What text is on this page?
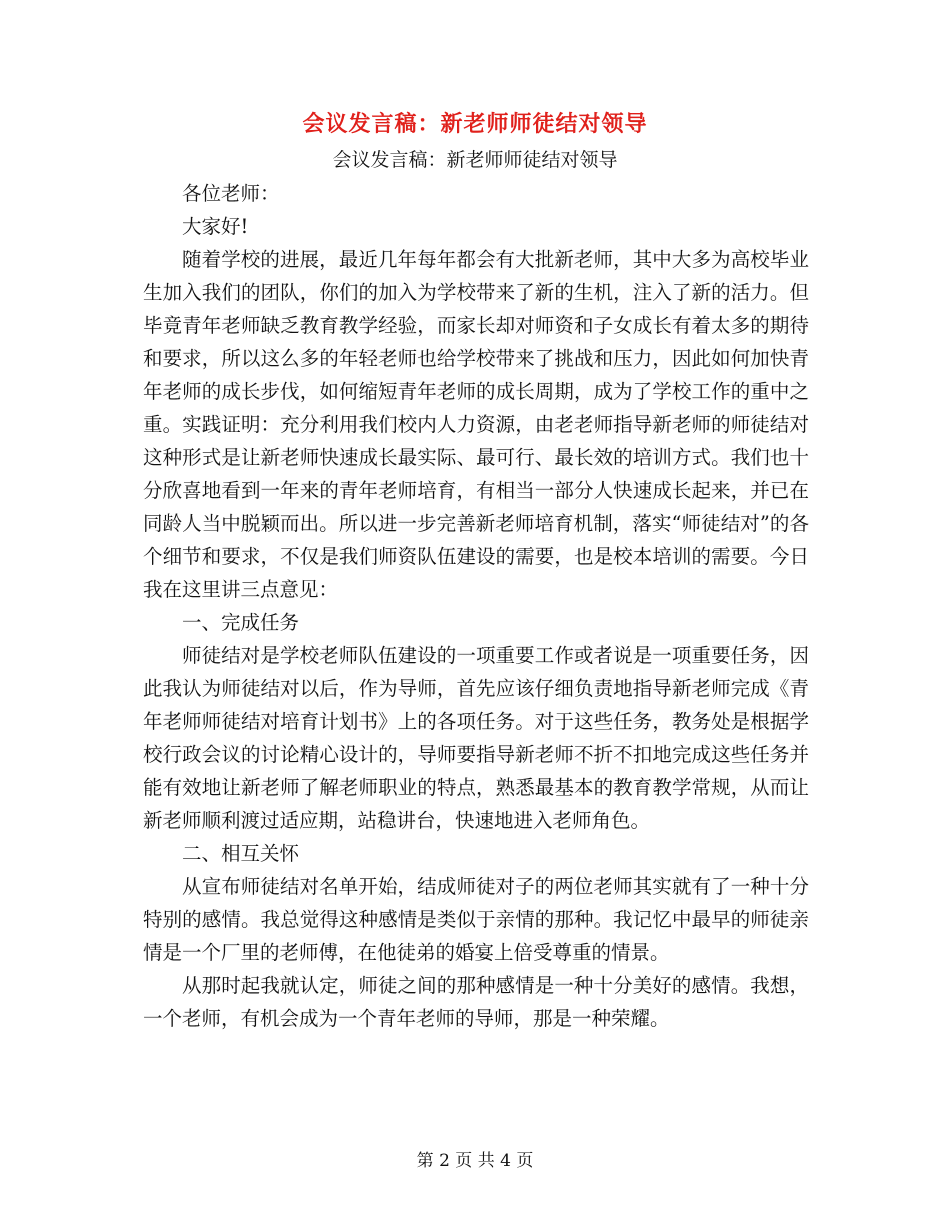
会议发言稿：新老师师徒结对领导
会议发言稿：新老师师徒结对领导

各位老师：

大家好!

随着学校的进展，最近几年每年都会有大批新老师，其中大多为高校毕业生加入我们的团队，你们的加入为学校带来了新的生机，注入了新的活力。但毕竟青年老师缺乏教育教学经验，而家长却对师资和子女成长有着太多的期待和要求，所以这么多的年轻老师也给学校带来了挑战和压力，因此如何加快青年老师的成长步伐，如何缩短青年老师的成长周期，成为了学校工作的重中之重。实践证明：充分利用我们校内人力资源，由老老师指导新老师的师徒结对这种形式是让新老师快速成长最实际、最可行、最长效的培训方式。我们也十分欣喜地看到一年来的青年老师培育，有相当一部分人快速成长起来，并已在同龄人当中脱颖而出。所以进一步完善新老师培育机制，落实“师徒结对”的各个细节和要求，不仅是我们师资队伍建设的需要，也是校本培训的需要。今日我在这里讲三点意见：

一、完成任务

师徒结对是学校老师队伍建设的一项重要工作或者说是一项重要任务，因此我认为师徒结对以后，作为导师，首先应该仔细负责地指导新老师完成《青年老师师徒结对培育计划书》上的各项任务。对于这些任务，教务处是根据学校行政会议的讨论精心设计的，导师要指导新老师不折不扣地完成这些任务并能有效地让新老师了解老师职业的特点，熟悉最基本的教育教学常规，从而让新老师顺利渡过适应期，站稳讲台，快速地进入老师角色。

二、相互关怀

从宣布师徒结对名单开始，结成师徒对子的两位老师其实就有了一种十分特别的感情。我总觉得这种感情是类似于亲情的那种。我记忆中最早的师徒亲情是一个厂里的老师傅，在他徒弟的婚宴上倍受尊重的情景。

从那时起我就认定，师徒之间的那种感情是一种十分美好的感情。我想，一个老师，有机会成为一个青年老师的导师，那是一种荣耀。

第 2 页 共 4 页
